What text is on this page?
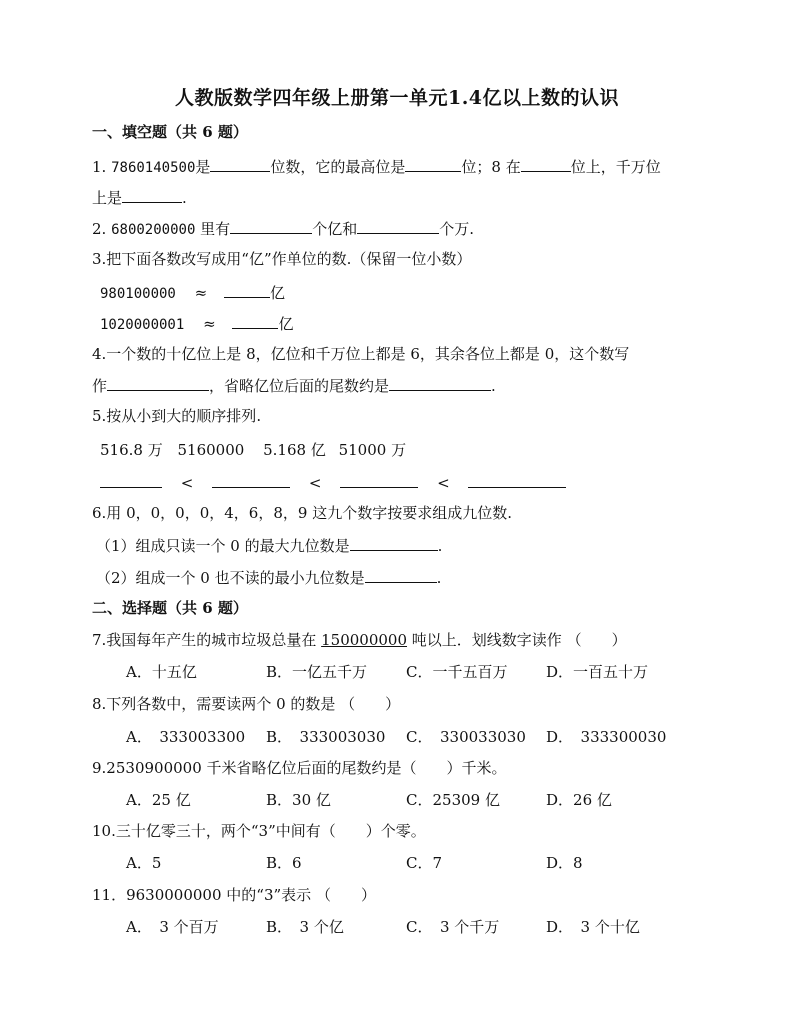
人教版数学四年级上册第一单元1.4亿以上数的认识
一、填空题（共 6 题）
1. 7860140500是	位数，它的最高位是	位；8 在	位上，千万位
上是	.
2. 6800200000 里有	个亿和	个万.
3.把下面各数改写成用“亿”作单位的数.（保留一位小数）
980100000 ≈	亿
1020000001 ≈	亿
4.一个数的十亿位上是 8，亿位和千万位上都是 6，其余各位上都是 0，这个数写
作	，省略亿位后面的尾数约是	.
5.按从小到大的顺序排列.
516.8 万 5160000 5.168 亿 51000 万
<	<	<
6.用 0，0，0，0，4，6，8，9 这九个数字按要求组成九位数.
（1）组成只读一个 0 的最大九位数是	.
（2）组成一个 0 也不读的最小九位数是	.
二、选择题（共 6 题）
7.我国每年产生的城市垃圾总量在 150000000 吨以上．划线数字读作 （　　）
A．十五亿	B．一亿五千万	C．一千五百万	D．一百五十万
8.下列各数中，需要读两个 0 的数是 （　　）
A．　333003300 B．　333003030 C．　330033030 D．　333300030
9.2530900000 千米省略亿位后面的尾数约是（　　）千米。
A．25 亿	B．30 亿	C．25309 亿	D．26 亿
10.三十亿零三十，两个“3”中间有（　　）个零。
A．5	B．6	C．7	D．8
11．9630000000 中的“3”表示 （　　）
A．　3 个百万	B．　3 个亿	C．　3 个千万	D．　3 个十亿
